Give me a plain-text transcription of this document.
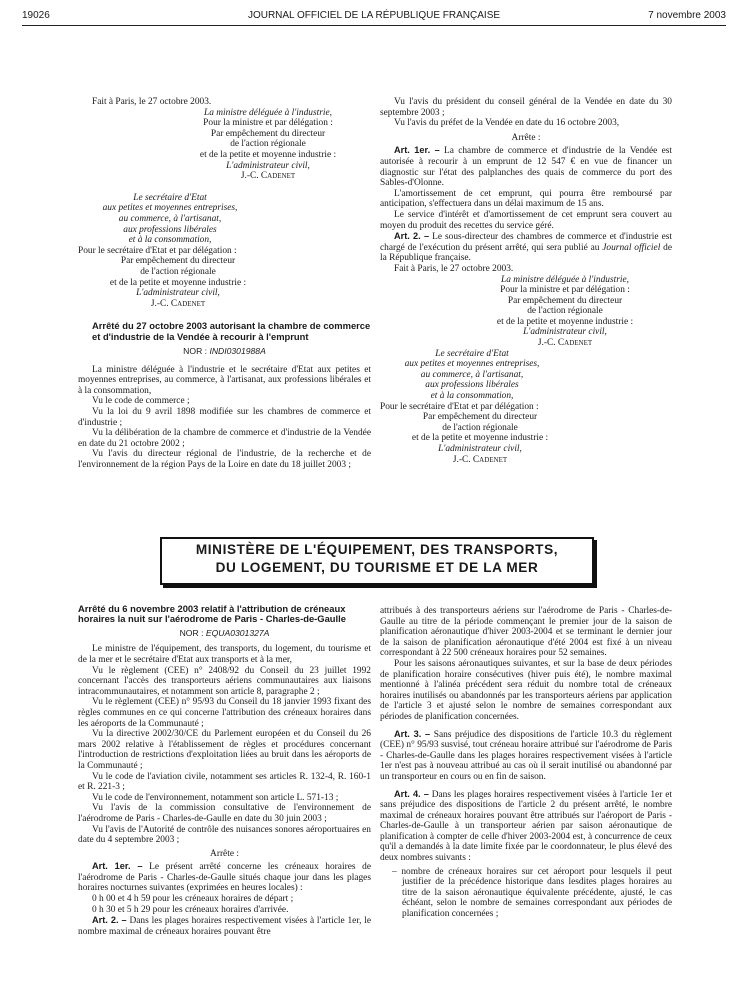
19026	JOURNAL OFFICIEL DE LA RÉPUBLIQUE FRANÇAISE	7 novembre 2003

Fait à Paris, le 27 octobre 2003.

La ministre déléguée à l'industrie,

Pour la ministre et par délégation :

Par empêchement du directeur

de l'action régionale

et de la petite et moyenne industrie :

L'administrateur civil,

J.-C. Cadenet

Le secrétaire d'Etat

aux petites et moyennes entreprises,

au commerce, à l'artisanat,

aux professions libérales

et à la consommation,

Pour le secrétaire d'Etat et par délégation :

Par empêchement du directeur

de l'action régionale

et de la petite et moyenne industrie :

L'administrateur civil,

J.-C. Cadenet

Arrêté du 27 octobre 2003 autorisant la chambre de commerce et d'industrie de la Vendée à recourir à l'emprunt

NOR : INDI0301988A

La ministre déléguée à l'industrie et le secrétaire d'Etat aux petites et moyennes entreprises, au commerce, à l'artisanat, aux professions libérales et à la consommation,

Vu le code de commerce ;

Vu la loi du 9 avril 1898 modifiée sur les chambres de commerce et d'industrie ;

Vu la délibération de la chambre de commerce et d'industrie de la Vendée en date du 21 octobre 2002 ;

Vu l'avis du directeur régional de l'industrie, de la recherche et de l'environnement de la région Pays de la Loire en date du 18 juillet 2003 ;

Vu l'avis du président du conseil général de la Vendée en date du 30 septembre 2003 ;

Vu l'avis du préfet de la Vendée en date du 16 octobre 2003,

Arrête :

Art. 1er. – La chambre de commerce et d'industrie de la Vendée est autorisée à recourir à un emprunt de 12 547 € en vue de financer un diagnostic sur l'état des palplanches des quais de commerce du port des Sables-d'Olonne.

L'amortissement de cet emprunt, qui pourra être remboursé par anticipation, s'effectuera dans un délai maximum de 15 ans.

Le service d'intérêt et d'amortissement de cet emprunt sera couvert au moyen du produit des recettes du service géré.

Art. 2. – Le sous-directeur des chambres de commerce et d'industrie est chargé de l'exécution du présent arrêté, qui sera publié au Journal officiel de la République française.

Fait à Paris, le 27 octobre 2003.

La ministre déléguée à l'industrie,

Pour la ministre et par délégation :

Par empêchement du directeur

de l'action régionale

et de la petite et moyenne industrie :

L'administrateur civil,

J.-C. Cadenet

Le secrétaire d'Etat

aux petites et moyennes entreprises,

au commerce, à l'artisanat,

aux professions libérales

et à la consommation,

Pour le secrétaire d'Etat et par délégation :

Par empêchement du directeur

de l'action régionale

et de la petite et moyenne industrie :

L'administrateur civil,

J.-C. Cadenet

MINISTÈRE DE L'ÉQUIPEMENT, DES TRANSPORTS,
DU LOGEMENT, DU TOURISME ET DE LA MER

Arrêté du 6 novembre 2003 relatif à l'attribution de créneaux horaires la nuit sur l'aérodrome de Paris - Charles-de-Gaulle

NOR : EQUA0301327A

Le ministre de l'équipement, des transports, du logement, du tourisme et de la mer et le secrétaire d'Etat aux transports et à la mer,

Vu le règlement (CEE) n° 2408/92 du Conseil du 23 juillet 1992 concernant l'accès des transporteurs aériens communautaires aux liaisons intracommunautaires, et notamment son article 8, paragraphe 2 ;

Vu le règlement (CEE) n° 95/93 du Conseil du 18 janvier 1993 fixant des règles communes en ce qui concerne l'attribution des créneaux horaires dans les aéroports de la Communauté ;

Vu la directive 2002/30/CE du Parlement européen et du Conseil du 26 mars 2002 relative à l'établissement de règles et procédures concernant l'introduction de restrictions d'exploitation liées au bruit dans les aéroports de la Communauté ;

Vu le code de l'aviation civile, notamment ses articles R. 132-4, R. 160-1 et R. 221-3 ;

Vu le code de l'environnement, notamment son article L. 571-13 ;

Vu l'avis de la commission consultative de l'environnement de l'aérodrome de Paris - Charles-de-Gaulle en date du 30 juin 2003 ;

Vu l'avis de l'Autorité de contrôle des nuisances sonores aéroportuaires en date du 4 septembre 2003 ;

Arrête :

Art. 1er. – Le présent arrêté concerne les créneaux horaires de l'aérodrome de Paris - Charles-de-Gaulle situés chaque jour dans les plages horaires nocturnes suivantes (exprimées en heures locales) :

0 h 00 et 4 h 59 pour les créneaux horaires de départ ;

0 h 30 et 5 h 29 pour les créneaux horaires d'arrivée.

Art. 2. – Dans les plages horaires respectivement visées à l'article 1er, le nombre maximal de créneaux horaires pouvant être

attribués à des transporteurs aériens sur l'aérodrome de Paris - Charles-de-Gaulle au titre de la période commençant le premier jour de la saison de planification aéronautique d'hiver 2003-2004 et se terminant le dernier jour de la saison de planification aéronautique d'été 2004 est fixé à un niveau correspondant à 22 500 créneaux horaires pour 52 semaines.

Pour les saisons aéronautiques suivantes, et sur la base de deux périodes de planification horaire consécutives (hiver puis été), le nombre maximal mentionné à l'alinéa précédent sera réduit du nombre total de créneaux horaires inutilisés ou abandonnés par les transporteurs aériens par application de l'article 3 et ajusté selon le nombre de semaines correspondant aux périodes de planification concernées.

Art. 3. – Sans préjudice des dispositions de l'article 10.3 du règlement (CEE) n° 95/93 susvisé, tout créneau horaire attribué sur l'aérodrome de Paris - Charles-de-Gaulle dans les plages horaires respectivement visées à l'article 1er n'est pas à nouveau attribué au cas où il serait inutilisé ou abandonné par un transporteur en cours ou en fin de saison.

Art. 4. – Dans les plages horaires respectivement visées à l'article 1er et sans préjudice des dispositions de l'article 2 du présent arrêté, le nombre maximal de créneaux horaires pouvant être attribués sur l'aéroport de Paris - Charles-de-Gaulle à un transporteur aérien par saison aéronautique de planification à compter de celle d'hiver 2003-2004 est, à concurrence de ceux qu'il a demandés à la date limite fixée par le coordonnateur, le plus élevé des deux nombres suivants :

– nombre de créneaux horaires sur cet aéroport pour lesquels il peut justifier de la précédence historique dans lesdites plages horaires au titre de la saison aéronautique équivalente précédente, ajusté, le cas échéant, selon le nombre de semaines correspondant aux périodes de planification concernées ;
